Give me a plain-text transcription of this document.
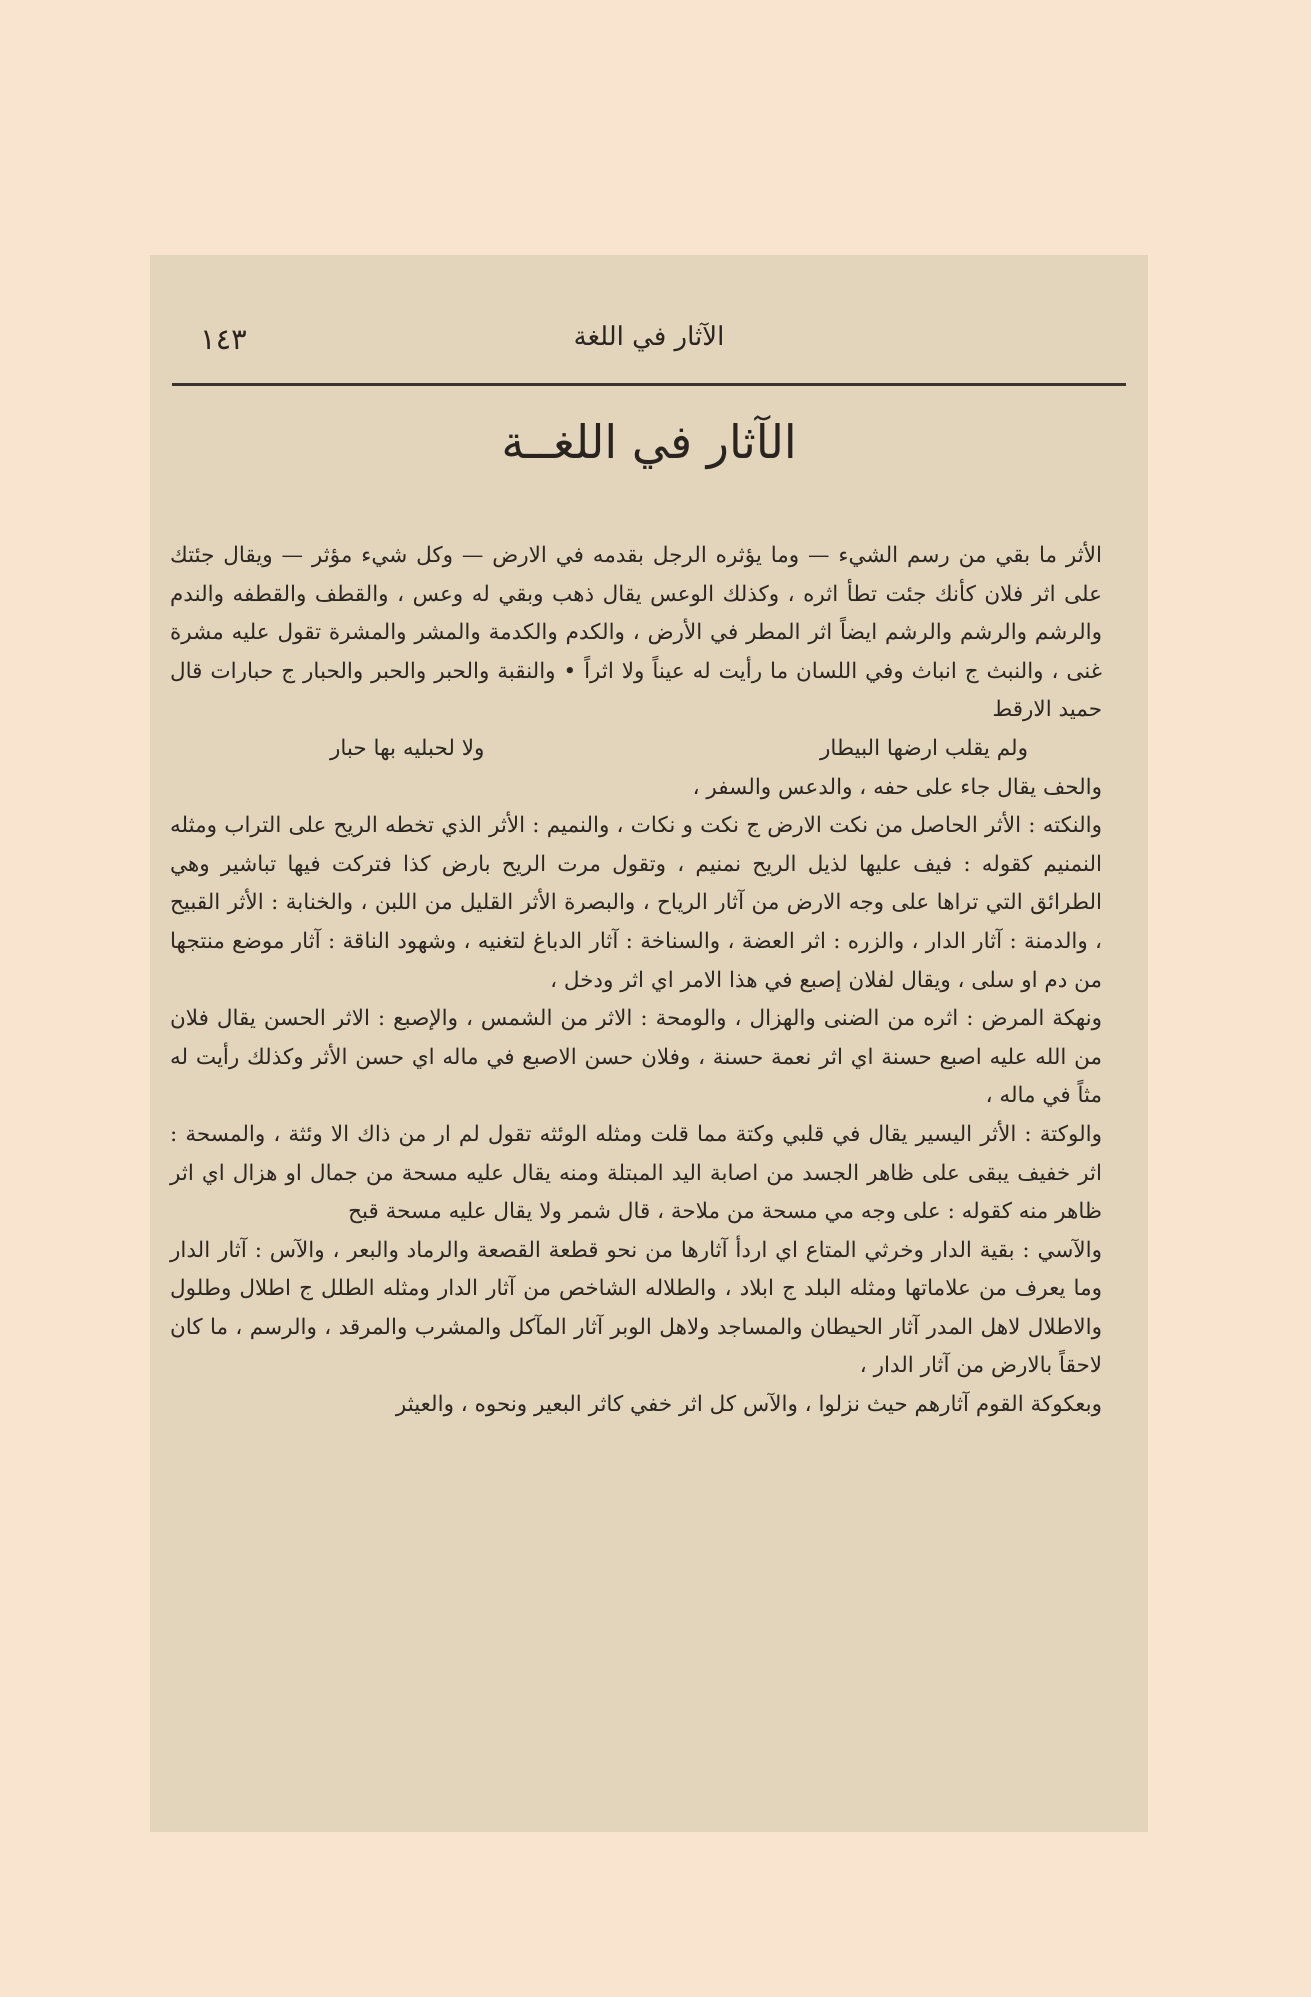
الآثار في اللغة
١٤٣
الآثار في اللغــة

الأثر ما بقي من رسم الشيء — وما يؤثره الرجل بقدمه في الارض — وكل شيء مؤثر — ويقال جئتك على اثر فلان كأنك جئت تطأ اثره ، وكذلك الوعس يقال ذهب وبقي له وعس ، والقطف والقطفه والندم والرشم والرشم والرشم ايضاً اثر المطر في الأرض ، والكدم والكدمة والمشر والمشرة تقول عليه مشرة غنى ، والنبث ج انباث وفي اللسان ما رأيت له عيناً ولا اثراً • والنقبة والحبر والحبر والحبار ج حبارات قال حميد الارقط

ولم يقلب ارضها البيطار
ولا لحبليه بها حبار

والحف يقال جاء على حفه ، والدعس والسفر ،

والنكته : الأثر الحاصل من نكت الارض ج نكت و نكات ، والنميم : الأثر الذي تخطه الريح على التراب ومثله النمنيم كقوله : فيف عليها لذيل الريح نمنيم ، وتقول مرت الريح بارض كذا فتركت فيها تباشير وهي الطرائق التي تراها على وجه الارض من آثار الرياح ، والبصرة الأثر القليل من اللبن ، والخنابة : الأثر القبيح ، والدمنة : آثار الدار ، والزره : اثر العضة ، والسناخة : آثار الدباغ لتغنيه ، وشهود الناقة : آثار موضع منتجها من دم او سلى ، ويقال لفلان إصبع في هذا الامر اي اثر ودخل ،

ونهكة المرض : اثره من الضنى والهزال ، والومحة : الاثر من الشمس ، والإصبع : الاثر الحسن يقال فلان من الله عليه اصبع حسنة اي اثر نعمة حسنة ، وفلان حسن الاصبع في ماله اي حسن الأثر وكذلك رأيت له مثاً في ماله ،

والوكتة : الأثر اليسير يقال في قلبي وكتة مما قلت ومثله الوئثه تقول لم ار من ذاك الا وئثة ، والمسحة : اثر خفيف يبقى على ظاهر الجسد من اصابة اليد المبتلة ومنه يقال عليه مسحة من جمال او هزال اي اثر ظاهر منه كقوله : على وجه مي مسحة من ملاحة ، قال شمر ولا يقال عليه مسحة قبح

والآسي : بقية الدار وخرثي المتاع اي اردأ آثارها من نحو قطعة القصعة والرماد والبعر ، والآس : آثار الدار وما يعرف من علاماتها ومثله البلد ج ابلاد ، والطلاله الشاخص من آثار الدار ومثله الطلل ج اطلال وطلول والاطلال لاهل المدر آثار الحيطان والمساجد ولاهل الوبر آثار المآكل والمشرب والمرقد ، والرسم ، ما كان لاحقاً بالارض من آثار الدار ،

وبعكوكة القوم آثارهم حيث نزلوا ، والآس كل اثر خفي كاثر البعير ونحوه ، والعيثر
